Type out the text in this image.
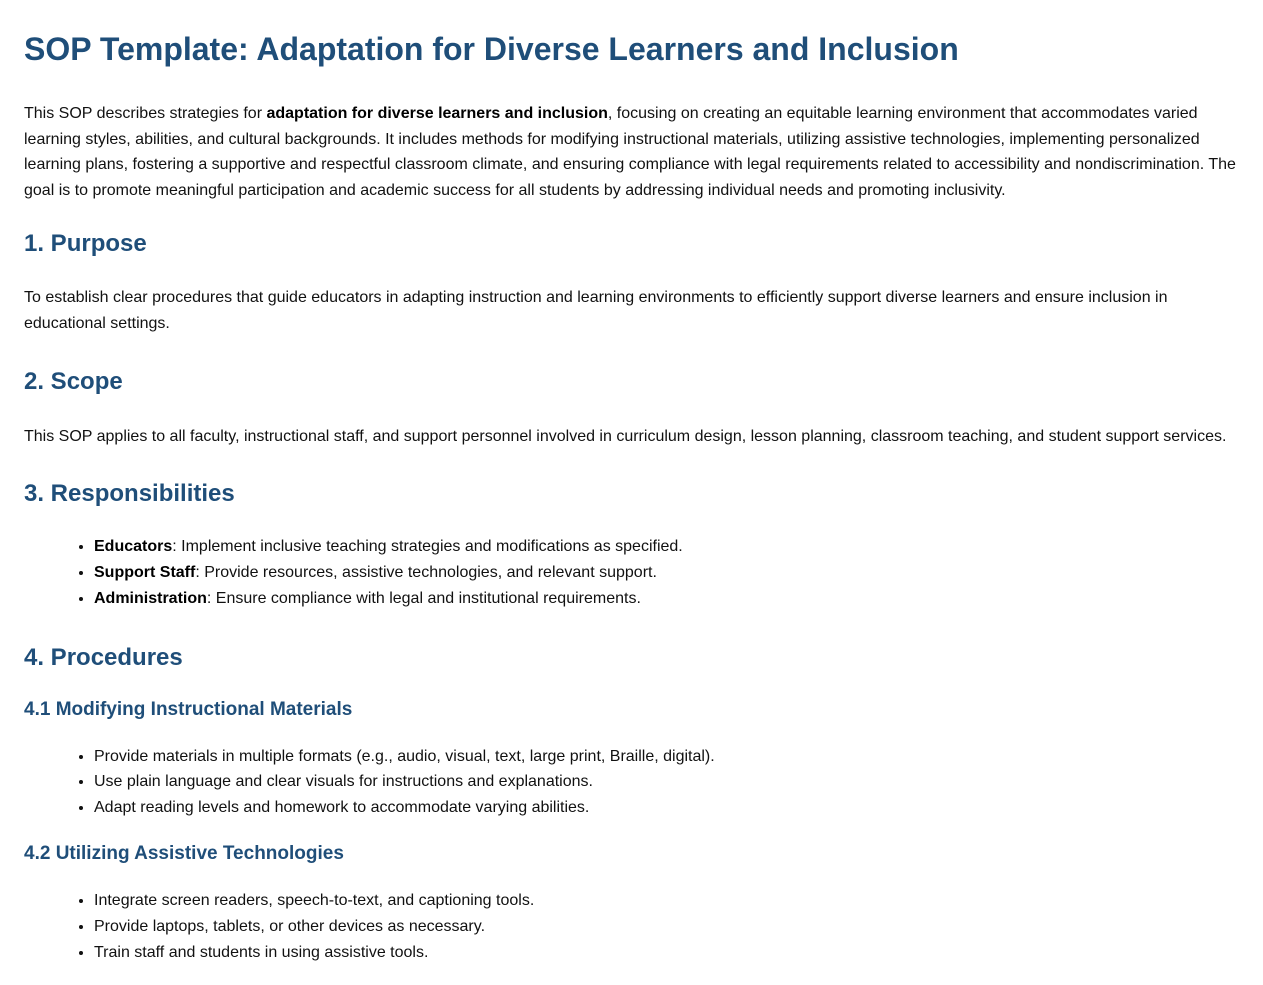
SOP Template: Adaptation for Diverse Learners and Inclusion

This SOP describes strategies for adaptation for diverse learners and inclusion, focusing on creating an equitable learning environment that accommodates varied learning styles, abilities, and cultural backgrounds. It includes methods for modifying instructional materials, utilizing assistive technologies, implementing personalized learning plans, fostering a supportive and respectful classroom climate, and ensuring compliance with legal requirements related to accessibility and nondiscrimination. The goal is to promote meaningful participation and academic success for all students by addressing individual needs and promoting inclusivity.

1. Purpose

To establish clear procedures that guide educators in adapting instruction and learning environments to efficiently support diverse learners and ensure inclusion in educational settings.

2. Scope

This SOP applies to all faculty, instructional staff, and support personnel involved in curriculum design, lesson planning, classroom teaching, and student support services.

3. Responsibilities
• Educators: Implement inclusive teaching strategies and modifications as specified.
• Support Staff: Provide resources, assistive technologies, and relevant support.
• Administration: Ensure compliance with legal and institutional requirements.
4. Procedures
4.1 Modifying Instructional Materials
• Provide materials in multiple formats (e.g., audio, visual, text, large print, Braille, digital).
• Use plain language and clear visuals for instructions and explanations.
• Adapt reading levels and homework to accommodate varying abilities.
4.2 Utilizing Assistive Technologies
• Integrate screen readers, speech-to-text, and captioning tools.
• Provide laptops, tablets, or other devices as necessary.
• Train staff and students in using assistive tools.
